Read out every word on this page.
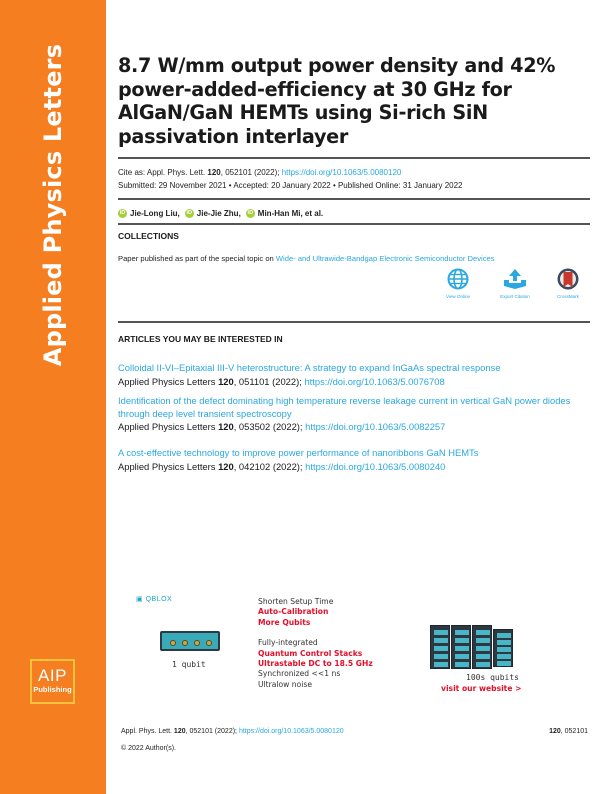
Applied Physics Letters
AIP
Publishing
8.7 W/mm output power density and 42% power-added-efficiency at 30 GHz for AlGaN/GaN HEMTs using Si-rich SiN passivation interlayer
Cite as: Appl. Phys. Lett. 120, 052101 (2022); https://doi.org/10.1063/5.0080120
Submitted: 29 November 2021 • Accepted: 20 January 2022 • Published Online: 31 January 2022
iD Jie-Long Liu,	iD Jie-Jie Zhu,	iD Min-Han Mi, et al.
COLLECTIONS
Paper published as part of the special topic on Wide- and Ultrawide-Bandgap Electronic Semiconductor Devices
View Online	Export Citation	CrossMark
ARTICLES YOU MAY BE INTERESTED IN
Colloidal II-VI–Epitaxial III-V heterostructure: A strategy to expand InGaAs spectral response
Applied Physics Letters 120, 051101 (2022); https://doi.org/10.1063/5.0076708
Identification of the defect dominating high temperature reverse leakage current in vertical GaN power diodes through deep level transient spectroscopy
Applied Physics Letters 120, 053502 (2022); https://doi.org/10.1063/5.0082257
A cost-effective technology to improve power performance of nanoribbons GaN HEMTs
Applied Physics Letters 120, 042102 (2022); https://doi.org/10.1063/5.0080240
▣ QBLOX
1 qubit
Shorten Setup Time
Auto-Calibration
More Qubits
Fully-integrated
Quantum Control Stacks
Ultrastable DC to 18.5 GHz
Synchronized <<1 ns
Ultralow noise
100s qubits
visit our website >
Appl. Phys. Lett. 120, 052101 (2022); https://doi.org/10.1063/5.0080120	120, 052101
© 2022 Author(s).
